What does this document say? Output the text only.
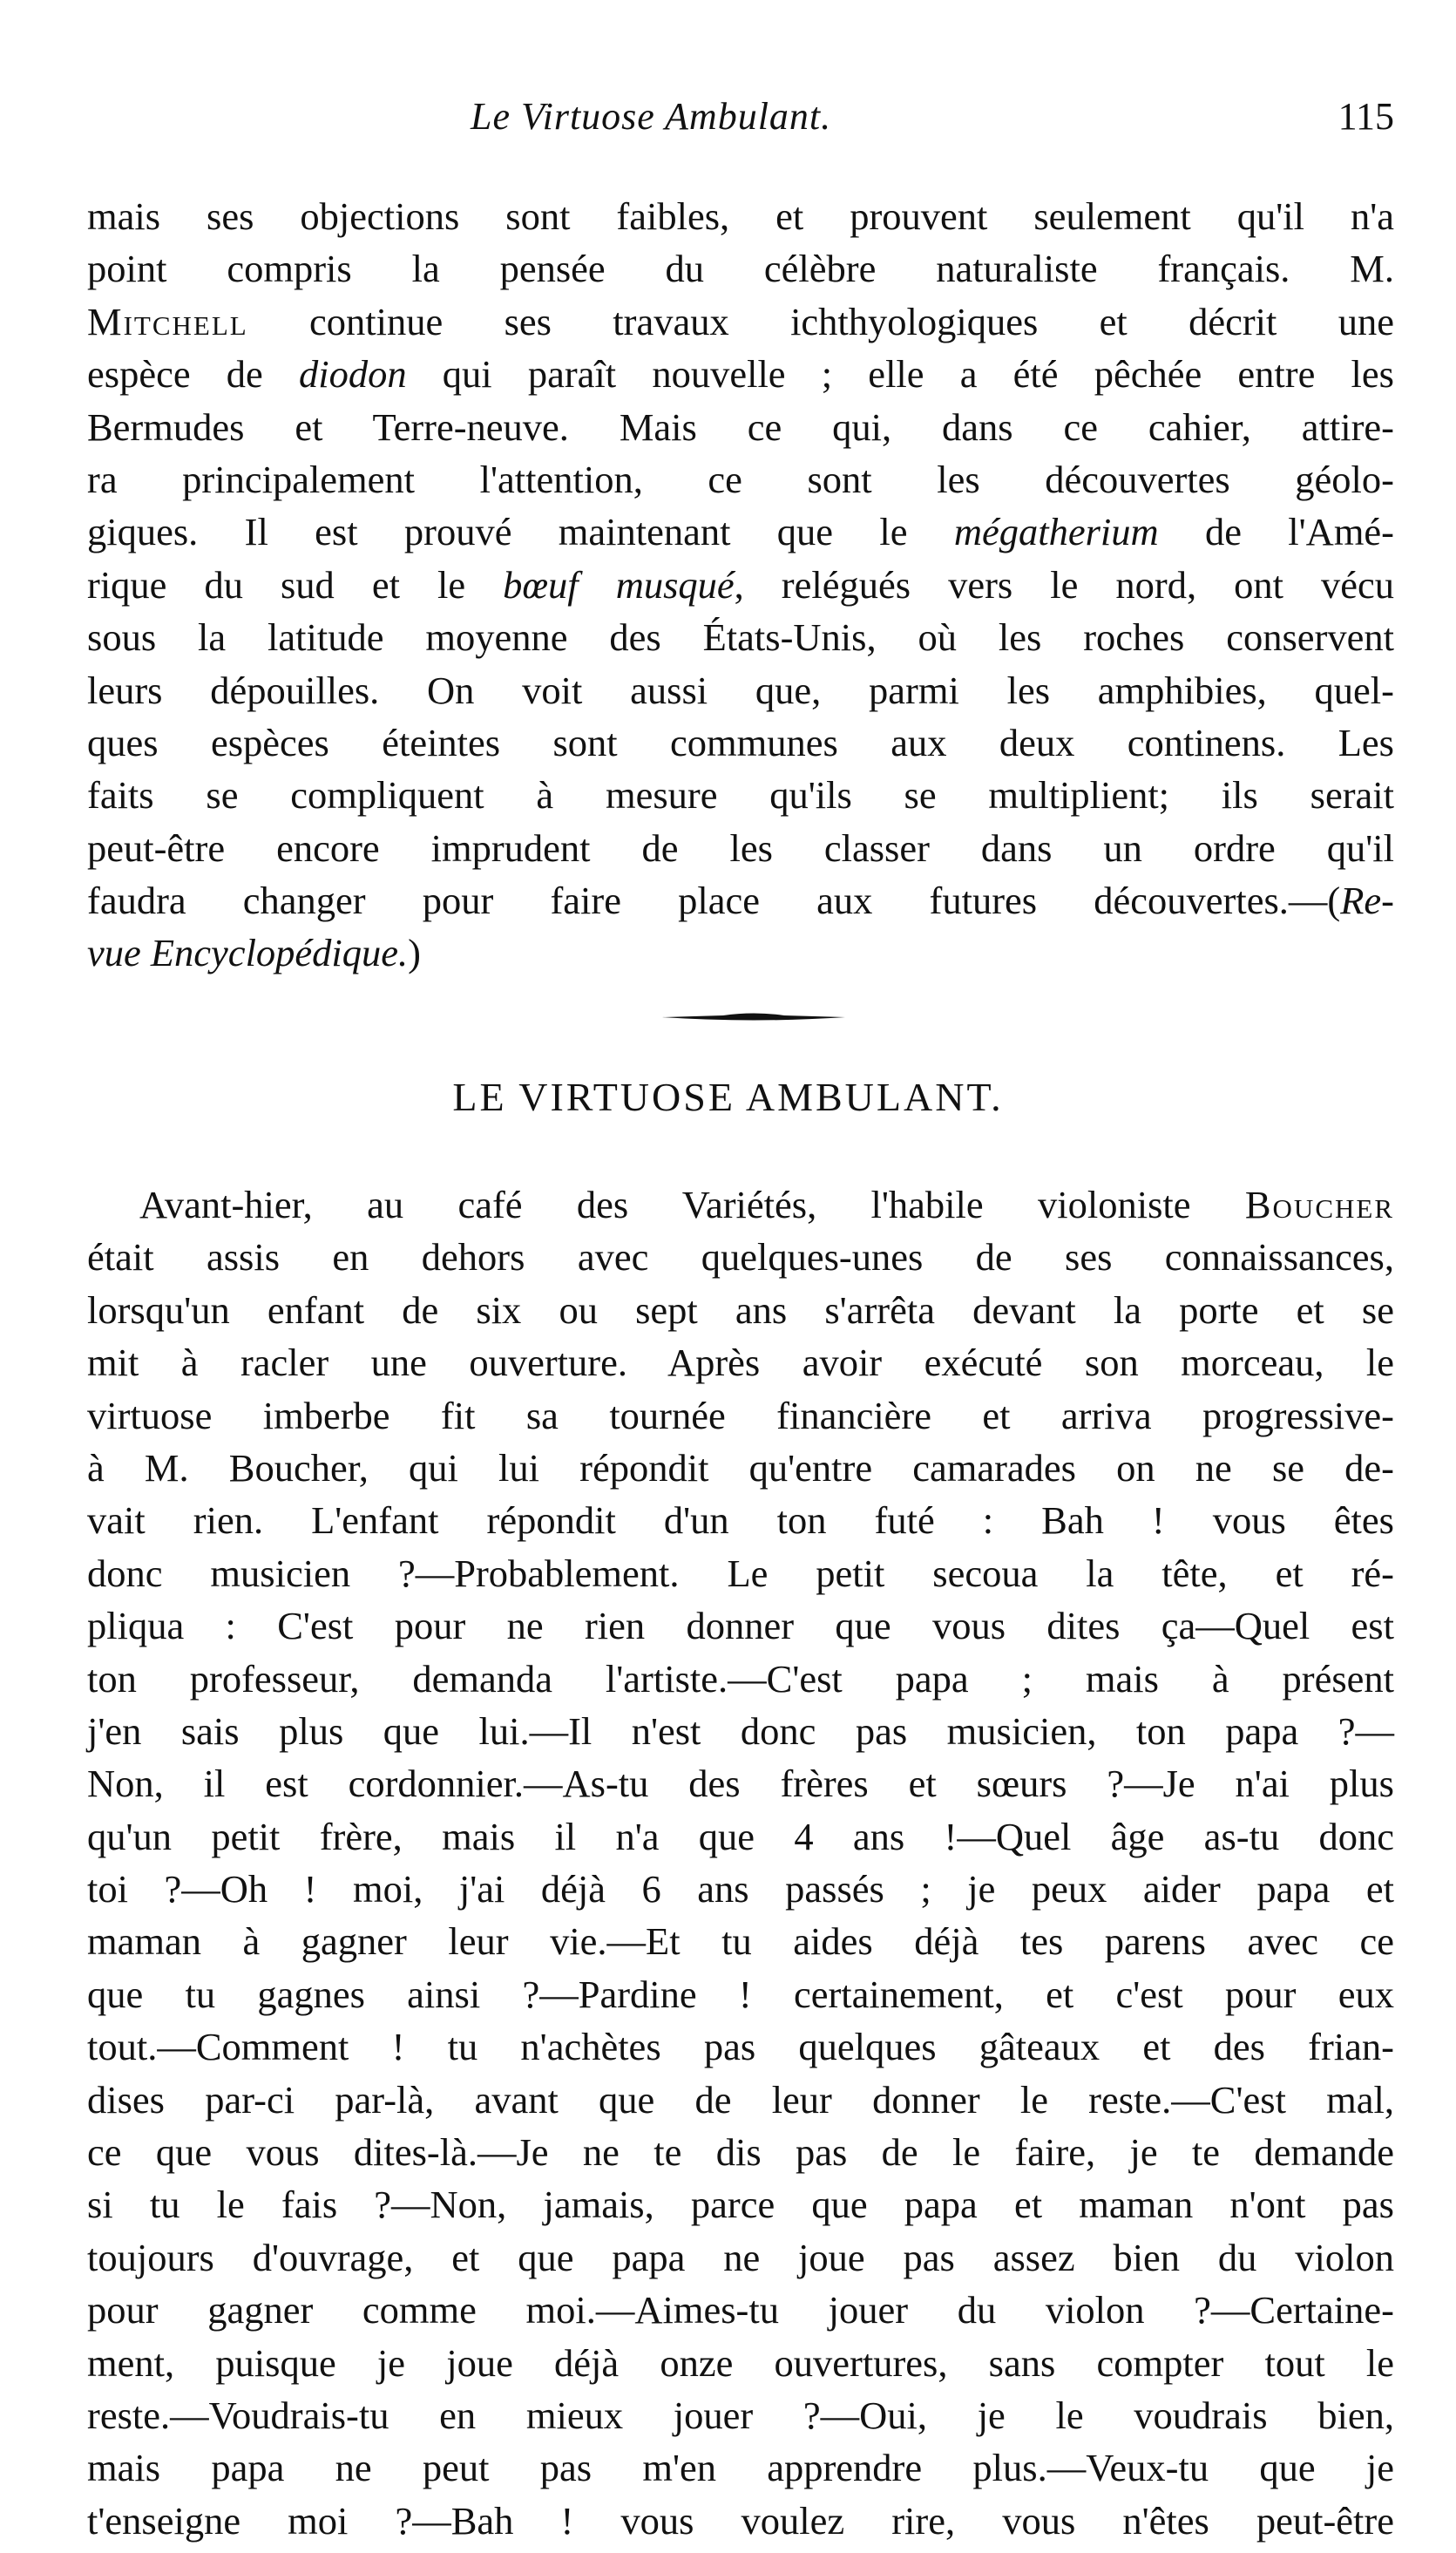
Le Virtuose Ambulant.	115
mais ses objections sont faibles, et prouvent seulement qu'il n'a
point compris la pensée du célèbre naturaliste français. M.
Mitchell continue ses travaux ichthyologiques et décrit une
espèce de diodon qui paraît nouvelle ; elle a été pêchée entre les
Bermudes et Terre-neuve. Mais ce qui, dans ce cahier, attire-
ra principalement l'attention, ce sont les découvertes géolo-
giques. Il est prouvé maintenant que le mégatherium de l'Amé-
rique du sud et le bœuf musqué, relégués vers le nord, ont vécu
sous la latitude moyenne des États-Unis, où les roches conservent
leurs dépouilles. On voit aussi que, parmi les amphibies, quel-
ques espèces éteintes sont communes aux deux continens. Les
faits se compliquent à mesure qu'ils se multiplient; ils serait
peut-être encore imprudent de les classer dans un ordre qu'il
faudra changer pour faire place aux futures découvertes.—(Re-
vue Encyclopédique.)
LE VIRTUOSE AMBULANT.
Avant-hier, au café des Variétés, l'habile violoniste Boucher
était assis en dehors avec quelques-unes de ses connaissances,
lorsqu'un enfant de six ou sept ans s'arrêta devant la porte et se
mit à racler une ouverture. Après avoir exécuté son morceau, le
virtuose imberbe fit sa tournée financière et arriva progressive-
à M. Boucher, qui lui répondit qu'entre camarades on ne se de-
vait rien. L'enfant répondit d'un ton futé : Bah ! vous êtes
donc musicien ?—Probablement. Le petit secoua la tête, et ré-
pliqua : C'est pour ne rien donner que vous dites ça—Quel est
ton professeur, demanda l'artiste.—C'est papa ; mais à présent
j'en sais plus que lui.—Il n'est donc pas musicien, ton papa ?—
Non, il est cordonnier.—As-tu des frères et sœurs ?—Je n'ai plus
qu'un petit frère, mais il n'a que 4 ans !—Quel âge as-tu donc
toi ?—Oh ! moi, j'ai déjà 6 ans passés ; je peux aider papa et
maman à gagner leur vie.—Et tu aides déjà tes parens avec ce
que tu gagnes ainsi ?—Pardine ! certainement, et c'est pour eux
tout.—Comment ! tu n'achètes pas quelques gâteaux et des frian-
dises par-ci par-là, avant que de leur donner le reste.—C'est mal,
ce que vous dites-là.—Je ne te dis pas de le faire, je te demande
si tu le fais ?—Non, jamais, parce que papa et maman n'ont pas
toujours d'ouvrage, et que papa ne joue pas assez bien du violon
pour gagner comme moi.—Aimes-tu jouer du violon ?—Certaine-
ment, puisque je joue déjà onze ouvertures, sans compter tout le
reste.—Voudrais-tu en mieux jouer ?—Oui, je le voudrais bien,
mais papa ne peut pas m'en apprendre plus.—Veux-tu que je
t'enseigne moi ?—Bah ! vous voulez rire, vous n'êtes peut-être
